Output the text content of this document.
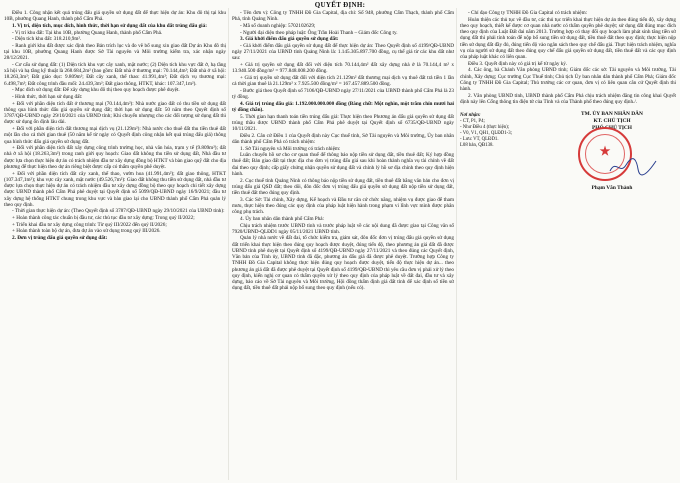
QUYẾT ĐỊNH:

Điều 1. Công nhận kết quả trúng đấu giá quyền sử dụng đất để thực hiện dự án: Khu đô thị tại khu 10B, phường Quang Hanh, thành phố Cẩm Phả.

1. Vị trí, diện tích, mục đích, hình thức, thời hạn sử dụng đất của khu đất trúng đấu giá:

- Vị trí khu đất: Tại khu 10B, phường Quang Hanh, thành phố Cẩm Phả.

- Diện tích khu đất: 318.210,9m².

- Ranh giới khu đất được xác định theo Bản trích lục và đo vẽ bổ sung xin giao đất Dự án Khu đô thị tại khu 10B, phường Quang Hanh được Sở Tài nguyên và Môi trường kiểm tra, xác nhận ngày 28/12/2021.

- Cơ cấu sử dụng đất: (1) Diện tích khu vực cây xanh, mặt nước; (2) Diện tích khu vực đất ở, hạ tầng xã hội và hạ tầng kỹ thuật là 268.684,2m² (bao gồm: Đất nhà ở thương mại: 70.144,4m²; Đất nhà ở xã hội: 18.263,3m²; Đất giáo dục: 9.809m²; Đất cây xanh, thể thao: 41.991,4m²; Đất dịch vụ thương mại: 6.498,7m²; Đất công trình đầu mối: 24.439,3m²; Đất giao thông, HTKT, khác: 107.347,1m²).

- Mục đích sử dụng đất: Để xây dựng khu đô thị theo quy hoạch được phê duyệt.

- Hình thức, thời hạn sử dụng đất:

+ Đối với phần diện tích đất ở thương mại (70.144,4m²): Nhà nước giao đất có thu tiền sử dụng đất thông qua hình thức đấu giá quyền sử dụng đất; thời hạn sử dụng đất: 50 năm theo Quyết định số 3787/QĐ-UBND ngày 29/10/2021 của UBND tỉnh; Khi chuyển nhượng cho các đối tượng sử dụng đất thì được sử dụng ổn định lâu dài.

+ Đối với phần diện tích đất thương mại dịch vụ (21.129m²): Nhà nước cho thuê đất thu tiền thuê đất một lần cho cả thời gian thuê (50 năm kể từ ngày có Quyết định công nhận kết quả trúng đấu giá) thông qua hình thức đấu giá quyền sử dụng đất.

+ Đối với phần diện tích đất xây dựng công trình trường học, nhà văn hóa, trạm y tế (9.809m²); đất nhà ở xã hội (18.263,3m²) trong ranh giới quy hoạch: Giao đất không thu tiền sử dụng đất, Nhà đầu tư được lựa chọn thực hiện dự án có trách nhiệm đầu tư xây dựng đồng bộ HTKT và bàn giao quỹ đất cho địa phương để thực hiện theo dự án riêng biệt được cấp có thẩm quyền phê duyệt.

+ Đối với phần diện tích đất cây xanh, thể thao, vườn hoa (41.991,4m²); đất giao thông, HTKT (107.347,1m²); khu vực cây xanh, mặt nước (49.526,7m²): Giao đất không thu tiền sử dụng đất, nhà đầu tư được lựa chọn thực hiện dự án có trách nhiệm đầu tư xây dựng đồng bộ theo quy hoạch chi tiết xây dựng được UBND thành phố Cẩm Phả phê duyệt tại Quyết định số 5099/QĐ-UBND ngày 16/9/2021; đầu tư xây dựng hệ thống HTKT chung trong khu vực và bàn giao lại cho UBND thành phố Cẩm Phả quản lý theo quy định.

- Thời gian thực hiện dự án: (Theo Quyết định số 3787/QĐ-UBND ngày 29/10/2021 của UBND tỉnh):

+ Hoàn thành công tác chuẩn bị đầu tư, các thủ tục đầu tư xây dựng: Trong quý II/2022;

+ Triển khai đầu tư xây dựng công trình: Từ quý III/2022 đến quý II/2026;

+ Hoàn thành toàn bộ dự án, đưa dự án vào sử dụng trong quý III/2026.

2. Đơn vị trúng đấu giá quyền sử dụng đất:

- Tên đơn vị: Công ty TNHH Đồ Gia Capital, địa chỉ: Số 948, phường Cẩm Thạch, thành phố Cẩm Phả, tỉnh Quảng Ninh.

- Mã số doanh nghiệp: 5702102629;

- Người đại diện theo pháp luật: Ông Trần Hoài Thanh – Giám đốc Công ty.

3. Giá khởi điểm đấu giá quyền sử dụng đất:

- Giá khởi điểm đấu giá quyền sử dụng đất để thực hiện dự án: Theo Quyết định số 4199/QĐ-UBND ngày 27/11/2021 của UBND tỉnh Quảng Ninh là: 1.145.305.897.700 đồng, cụ thể giá từ các khu đất như sau:

+ Giá trị quyền sử dụng đất đối với diện tích 70.144,4m² đất xây dựng nhà ở là 70.144,4 m² x 13.940.500 đồng/m² = 977.848.008.200 đồng.

+ Giá trị quyền sử dụng đất đối với diện tích 21.129m² đất thương mại dịch vụ thuê đất trả tiền 1 lần cả thời gian thuê là 21.129m² x 7.925.500 đồng/m² = 167.457.889.500 đồng.

- Bước giá theo Quyết định số 7106/QĐ-UBND ngày 27/11/2021 của UBND thành phố Cẩm Phả là 23 tỷ đồng.

4. Giá trị trúng đấu giá: 1.192.000.000.000 đồng (Bằng chữ: Một nghìn, một trăm chín mươi hai tỷ đồng chẵn).

5. Thời gian hạn thanh toán tiền trúng đấu giá: Thực hiện theo Phương án đấu giá quyền sử dụng đất trúng thầu được UBND thành phố Cẩm Phả phê duyệt tại Quyết định số 6735/QĐ-UBND ngày 10/11/2021.

Điều 2. Căn cứ Điều 1 của Quyết định này Cục thuế tỉnh, Sở Tài nguyên và Môi trường, Ủy ban nhân dân thành phố Cẩm Phả có trách nhiệm:

1. Sở Tài nguyên và Môi trường có trách nhiệm:

Luân chuyển hồ sơ cho cơ quan thuế để thông báo nộp tiền sử dụng đất, tiền thuê đất; Ký hợp đồng thuê đất; Bàn giao đất tại thực địa cho đơn vị trúng đấu giá sau khi hoàn thành nghĩa vụ tài chính về đất đai theo quy định; cấp giấy chứng nhận quyền sử dụng đất và chỉnh lý hồ sơ địa chính theo quy định hiện hành.

2. Cục thuế tỉnh Quảng Ninh có thông báo nộp tiền sử dụng đất, tiền thuê đất bằng văn bản cho đơn vị trúng đấu giá QSD đất; theo dõi, đôn đốc đơn vị trúng đấu giá quyền sử dụng đất nộp tiền sử dụng đất, tiền thuê đất theo đúng quy định.

3. Các Sở: Tài chính, Xây dựng, Kế hoạch và Đầu tư căn cứ chức năng, nhiệm vụ được giao để tham mưu, thực hiện theo đúng các quy định của pháp luật hiện hành trong phạm vi lĩnh vực mình được phân công phụ trách.

4. Ủy ban nhân dân thành phố Cẩm Phả:

Chịu trách nhiệm trước UBND tỉnh và trước pháp luật về các nội dung đã được giao tại Công văn số 7920/UBND-QLĐD1 ngày 05/11/2021 UBND tỉnh.

Quản lý nhà nước về đất đai, tổ chức kiểm tra, giám sát, đôn đốc đơn vị trúng đấu giá quyền sử dụng đất triển khai thực hiện theo đúng quy hoạch được duyệt, đúng tiến độ, theo phương án giá đất đã được UBND tỉnh phê duyệt tại Quyết định số 4199/QĐ-UBND ngày 27/11/2021 và theo đúng các Quyết định, Văn bản của Tỉnh ủy, UBND tỉnh đã đặc, phương án đấu giá đã được phê duyệt. Trường hợp Công ty TNHH Đồ Gia Capital không thực hiện đúng quy hoạch được duyệt, tiến độ thực hiện dự án... theo phương án giá đất đã được phê duyệt tại Quyết định số 4199/QĐ-UBND thì yêu cầu đơn vị phải xử lý theo quy định, kiến nghị cơ quan có thẩm quyền xử lý theo quy định của pháp luật về đất đai, đầu tư và xây dựng, báo cáo về Sở Tài nguyên và Môi trường, Hội đồng thẩm định giá đất tỉnh để xác định số tiền sử dụng đất, tiền thuê đất phải nộp bổ sung theo quy định (nếu có).

- Chỉ đạo Công ty TNHH Đồ Gia Capital có trách nhiệm:

Hoàn thiện các thủ tục về đầu tư, các thủ tục triển khai thực hiện dự án theo đúng tiến độ, xây dựng theo quy hoạch, thiết kế được cơ quan nhà nước có thẩm quyền phê duyệt; sử dụng đất đúng mục đích theo quy định của Luật Đất đai năm 2013. Trường hợp có thay đổi quy hoạch làm phát sinh tăng tiền sử dụng đất thì phải tính toán để nộp bổ sung tiền sử dụng đất, tiền thuê đất theo quy định; thực hiện nộp tiền sử dụng đất đầy đủ, đúng tiến độ vào ngân sách theo quy chế đấu giá. Thực hiện trách nhiệm, nghĩa vụ của người sử dụng đất theo đúng quy chế đấu giá quyền sử dụng đất, tiền thuê đất và các quy định của pháp luật khác có liên quan.

Điều 3. Quyết định này có giá trị kể từ ngày ký.

4. Các ông, bà Chánh Văn phòng UBND tỉnh; Giám đốc các sở: Tài nguyên và Môi trường, Tài chính, Xây dựng; Cục trưởng Cục Thuế tỉnh; Chủ tịch Ủy ban nhân dân thành phố Cẩm Phả; Giám đốc Công ty TNHH Đồ Gia Capital; Thủ trưởng các cơ quan, đơn vị có liên quan căn cứ Quyết định thi hành.

2. Văn phòng UBND tỉnh, UBND thành phố Cẩm Phả chịu trách nhiệm đăng tin công khai Quyết định này lên Cổng thông tin điện tử của Tỉnh và của Thành phố theo đúng quy định./.

Nơi nhận:
- CT, P1, P4;
- Như Điều 4 (thực hiện);
- V0, V1, QH1, QLĐD1-3;
- Lưu: VT, QLĐD1.
L08 bản, QĐ138.
TM. ỦY BAN NHÂN DÂN
KT. CHỦ TỊCH
PHÓ CHỦ TỊCH
★
Phạm Văn Thành
